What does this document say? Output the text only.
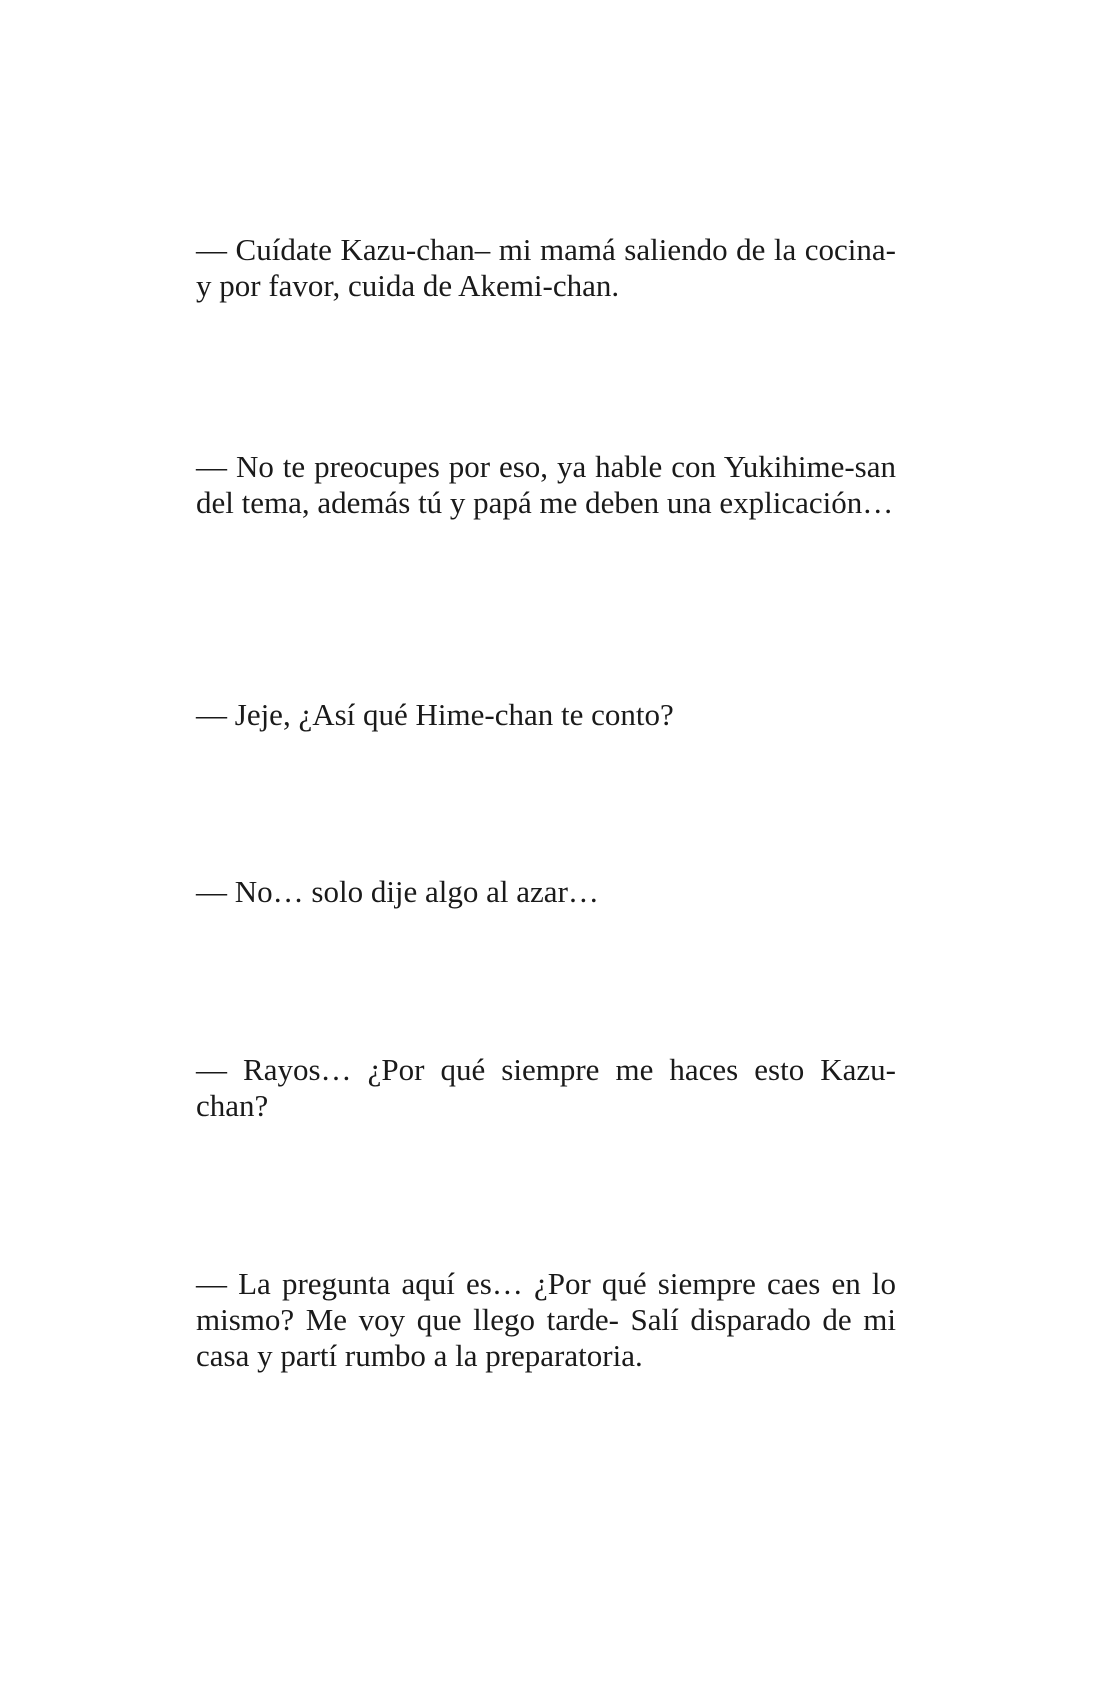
— Cuídate Kazu-chan– mi mamá saliendo de la cocina- y por favor, cuida de Akemi-chan.

— No te preocupes por eso, ya hable con Yukihime-san del tema, además tú y papá me deben una explicación…

— Jeje, ¿Así qué Hime-chan te conto?

— No… solo dije algo al azar…

— Rayos… ¿Por qué siempre me haces esto Kazu-chan?

— La pregunta aquí es… ¿Por qué siempre caes en lo mismo? Me voy que llego tarde- Salí disparado de mi casa y partí rumbo a la preparatoria.
